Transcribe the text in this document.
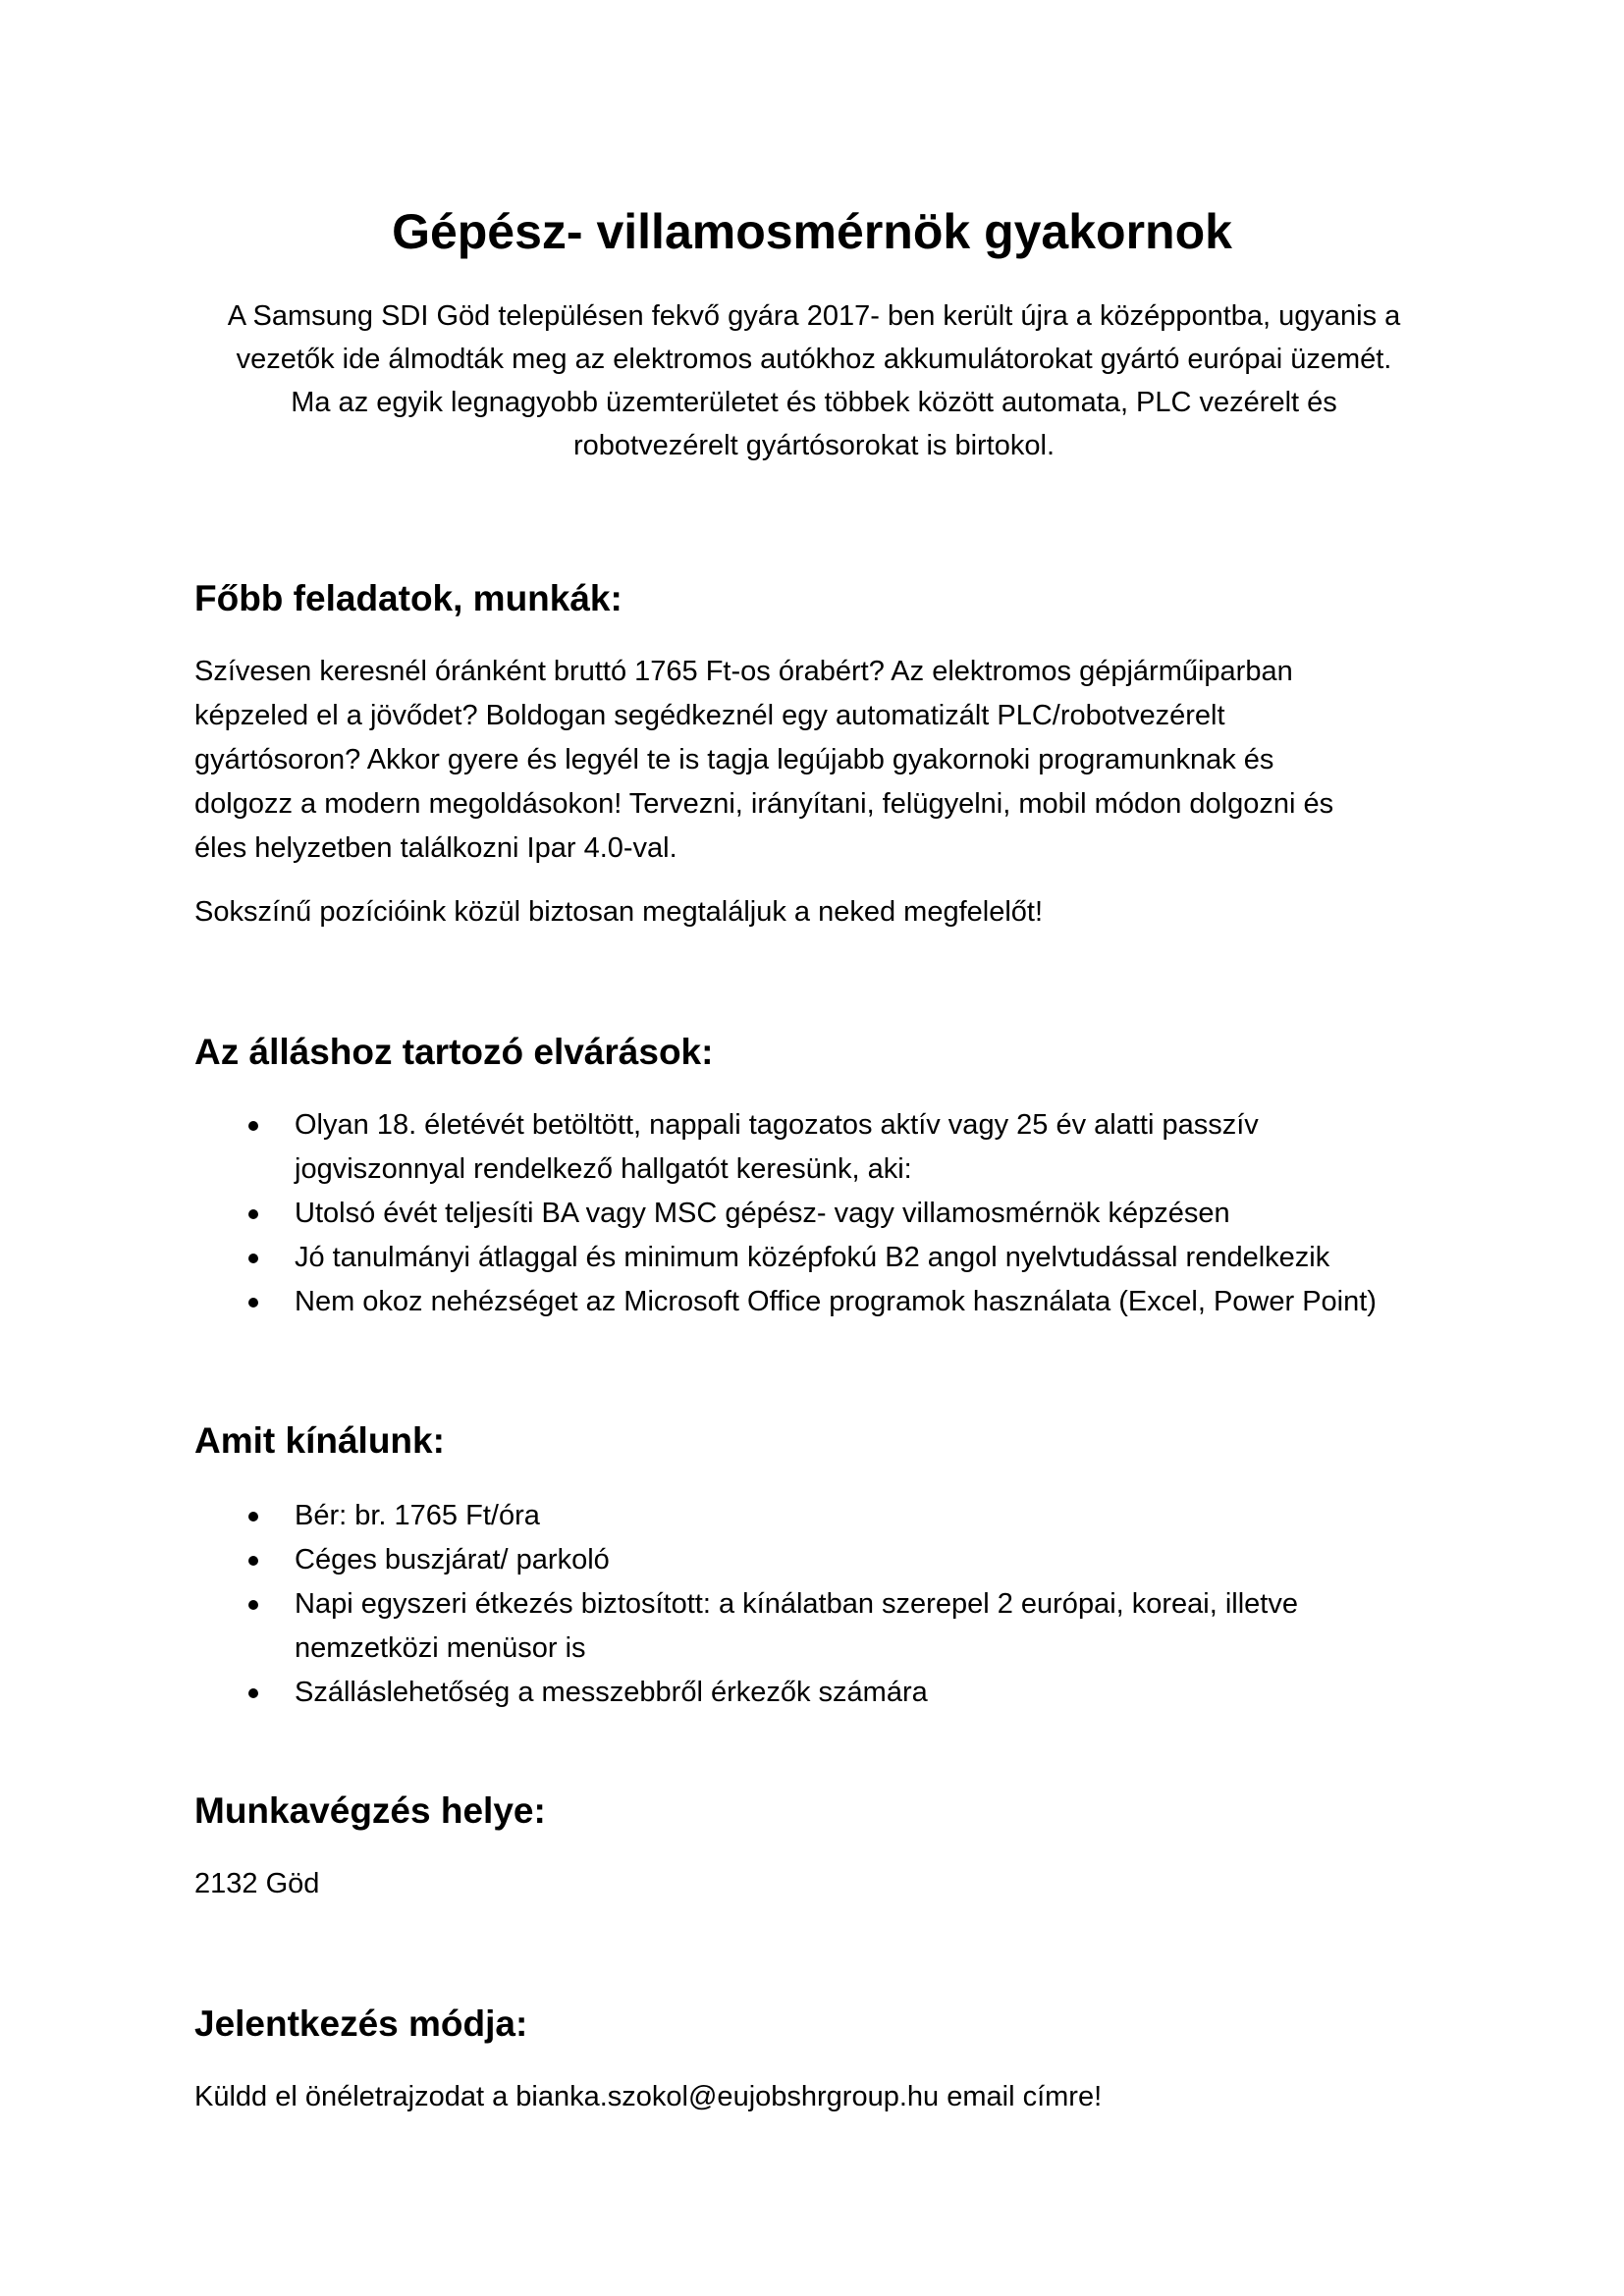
Gépész- villamosmérnök gyakornok

A Samsung SDI Göd településen fekvő gyára 2017- ben került újra a középpontba, ugyanis a
vezetők ide álmodták meg az elektromos autókhoz akkumulátorokat gyártó európai üzemét.
Ma az egyik legnagyobb üzemterületet és többek között automata, PLC vezérelt és
robotvezérelt gyártósorokat is birtokol.

Főbb feladatok, munkák:

Szívesen keresnél óránként bruttó 1765 Ft-os órabért? Az elektromos gépjárműiparban
képzeled el a jövődet? Boldogan segédkeznél egy automatizált PLC/robotvezérelt
gyártósoron? Akkor gyere és legyél te is tagja legújabb gyakornoki programunknak és
dolgozz a modern megoldásokon! Tervezni, irányítani, felügyelni, mobil módon dolgozni és
éles helyzetben találkozni Ipar 4.0-val.

Sokszínű pozícióink közül biztosan megtaláljuk a neked megfelelőt!

Az álláshoz tartozó elvárások:
Olyan 18. életévét betöltött, nappali tagozatos aktív vagy 25 év alatti passzív
jogviszonnyal rendelkező hallgatót keresünk, aki:
Utolsó évét teljesíti BA vagy MSC gépész- vagy villamosmérnök képzésen
Jó tanulmányi átlaggal és minimum középfokú B2 angol nyelvtudással rendelkezik
Nem okoz nehézséget az Microsoft Office programok használata (Excel, Power Point)
Amit kínálunk:
Bér: br. 1765 Ft/óra
Céges buszjárat/ parkoló
Napi egyszeri étkezés biztosított: a kínálatban szerepel 2 európai, koreai, illetve
nemzetközi menüsor is
Szálláslehetőség a messzebbről érkezők számára
Munkavégzés helye:

2132 Göd

Jelentkezés módja:

Küldd el önéletrajzodat a bianka.szokol@eujobshrgroup.hu email címre!
